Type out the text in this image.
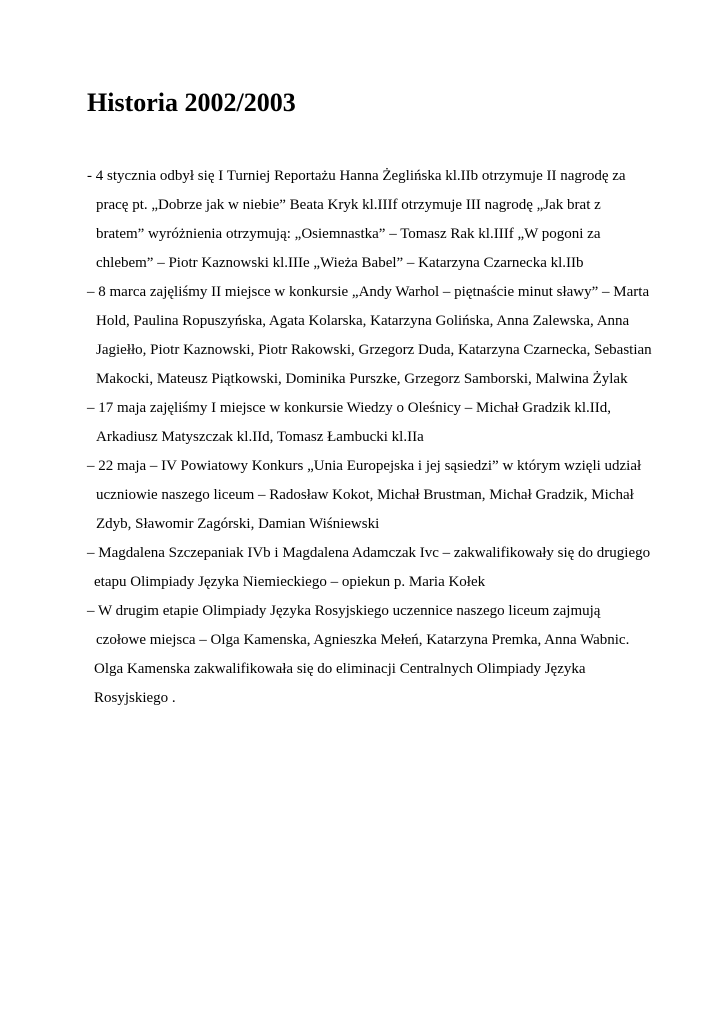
Historia 2002/2003

- 4 stycznia odbył się I Turniej Reportażu Hanna Żeglińska kl.IIb otrzymuje II nagrodę za

pracę pt. „Dobrze jak w niebie” Beata Kryk kl.IIIf otrzymuje III nagrodę „Jak brat z

bratem” wyróżnienia otrzymują: „Osiemnastka” – Tomasz Rak kl.IIIf „W pogoni za

chlebem” – Piotr Kaznowski kl.IIIe „Wieża Babel” – Katarzyna Czarnecka kl.IIb

– 8 marca zajęliśmy II miejsce w konkursie „Andy Warhol – piętnaście minut sławy” – Marta

Hold, Paulina Ropuszyńska, Agata Kolarska, Katarzyna Golińska, Anna Zalewska, Anna

Jagiełło, Piotr Kaznowski, Piotr Rakowski, Grzegorz Duda, Katarzyna Czarnecka, Sebastian

Makocki, Mateusz Piątkowski, Dominika Purszke, Grzegorz Samborski, Malwina Żylak

– 17 maja zajęliśmy I miejsce w konkursie Wiedzy o Oleśnicy – Michał Gradzik kl.IId,

Arkadiusz Matyszczak kl.IId, Tomasz Łambucki kl.IIa

– 22 maja – IV Powiatowy Konkurs „Unia Europejska i jej sąsiedzi” w którym wzięli udział

uczniowie naszego liceum – Radosław Kokot, Michał Brustman, Michał Gradzik, Michał

Zdyb, Sławomir Zagórski, Damian Wiśniewski

– Magdalena Szczepaniak IVb i Magdalena Adamczak Ivc – zakwalifikowały się do drugiego

etapu Olimpiady Języka Niemieckiego – opiekun p. Maria Kołek

– W drugim etapie Olimpiady Języka Rosyjskiego uczennice naszego liceum zajmują

czołowe miejsca – Olga Kamenska, Agnieszka Mełeń, Katarzyna Premka, Anna Wabnic.

Olga Kamenska zakwalifikowała się do eliminacji Centralnych Olimpiady Języka

Rosyjskiego .
